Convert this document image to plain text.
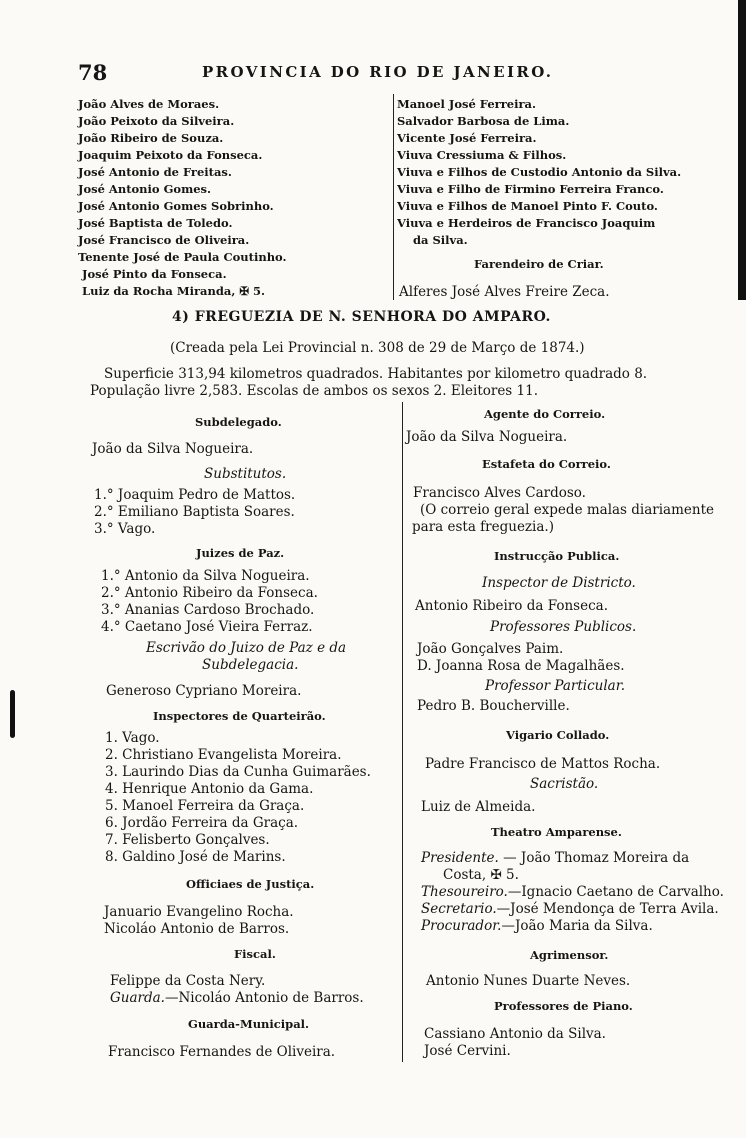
78	PROVINCIA DO RIO DE JANEIRO.
João Alves de Moraes.
João Peixoto da Silveira.
João Ribeiro de Souza.
Joaquim Peixoto da Fonseca.
José Antonio de Freitas.
José Antonio Gomes.
José Antonio Gomes Sobrinho.
José Baptista de Toledo.
José Francisco de Oliveira.
Tenente José de Paula Coutinho.
José Pinto da Fonseca.
Luiz da Rocha Miranda, ✠ 5.
Manoel José Ferreira.
Salvador Barbosa de Lima.
Vicente José Ferreira.
Viuva Cressiuma & Filhos.
Viuva e Filhos de Custodio Antonio da Silva.
Viuva e Filho de Firmino Ferreira Franco.
Viuva e Filhos de Manoel Pinto F. Couto.
Viuva e Herdeiros de Francisco Joaquim
da Silva.
Farendeiro de Criar.
Alferes José Alves Freire Zeca.
4) FREGUEZIA DE N. SENHORA DO AMPARO.
(Creada pela Lei Provincial n. 308 de 29 de Março de 1874.)
Superficie 313,94 kilometros quadrados. Habitantes por kilometro quadrado 8.
População livre 2,583. Escolas de ambos os sexos 2. Eleitores 11.
Subdelegado.
João da Silva Nogueira.
Substitutos.
1.° Joaquim Pedro de Mattos.
2.° Emiliano Baptista Soares.
3.° Vago.
Juizes de Paz.
1.° Antonio da Silva Nogueira.
2.° Antonio Ribeiro da Fonseca.
3.° Ananias Cardoso Brochado.
4.° Caetano José Vieira Ferraz.
Escrivão do Juizo de Paz e da
Subdelegacia.
Generoso Cypriano Moreira.
Inspectores de Quarteirão.
1. Vago.
2. Christiano Evangelista Moreira.
3. Laurindo Dias da Cunha Guimarães.
4. Henrique Antonio da Gama.
5. Manoel Ferreira da Graça.
6. Jordão Ferreira da Graça.
7. Felisberto Gonçalves.
8. Galdino José de Marins.
Officiaes de Justiça.
Januario Evangelino Rocha.
Nicoláo Antonio de Barros.
Fiscal.
Felippe da Costa Nery.
Guarda.—Nicoláo Antonio de Barros.
Guarda-Municipal.
Francisco Fernandes de Oliveira.
Agente do Correio.
João da Silva Nogueira.
Estafeta do Correio.
Francisco Alves Cardoso.
(O correio geral expede malas diariamente
para esta freguezia.)
Instrucção Publica.
Inspector de Districto.
Antonio Ribeiro da Fonseca.
Professores Publicos.
João Gonçalves Paim.
D. Joanna Rosa de Magalhães.
Professor Particular.
Pedro B. Boucherville.
Vigario Collado.
Padre Francisco de Mattos Rocha.
Sacristão.
Luiz de Almeida.
Theatro Amparense.
Presidente. — João Thomaz Moreira da
Costa, ✠ 5.
Thesoureiro.—Ignacio Caetano de Carvalho.
Secretario.—José Mendonça de Terra Avila.
Procurador.—João Maria da Silva.
Agrimensor.
Antonio Nunes Duarte Neves.
Professores de Piano.
Cassiano Antonio da Silva.
José Cervini.
